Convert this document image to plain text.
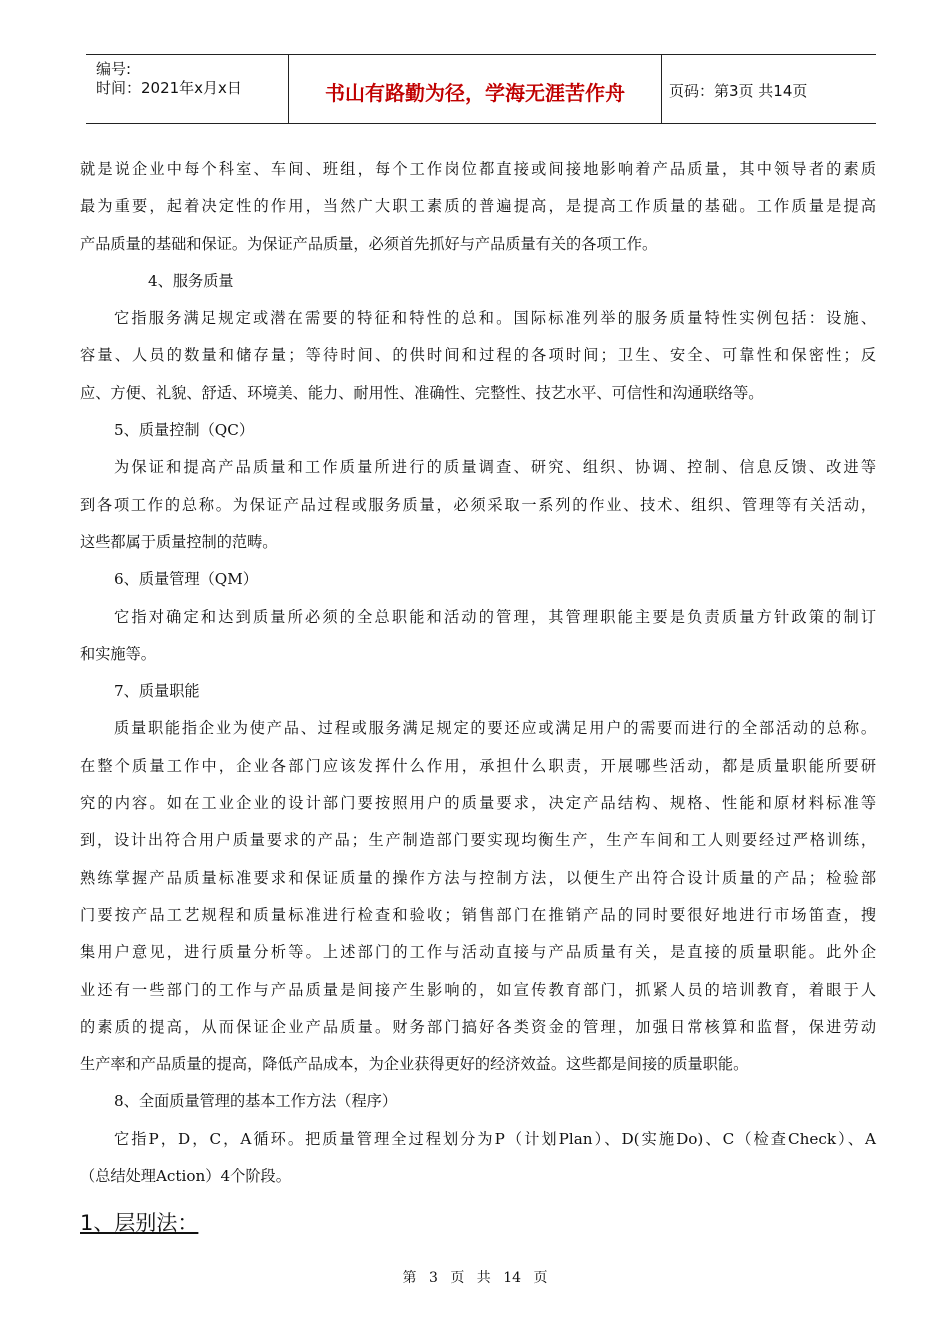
编号:
时间：2021年x月x日	书山有路勤为径，学海无涯苦作舟	页码：第3页 共14页
就是说企业中每个科室、车间、班组，每个工作岗位都直接或间接地影响着产品质量，其中领导者的素质
最为重要，起着决定性的作用，当然广大职工素质的普遍提高，是提高工作质量的基础。工作质量是提高
产品质量的基础和保证。为保证产品质量，必须首先抓好与产品质量有关的各项工作。
4、服务质量
它指服务满足规定或潜在需要的特征和特性的总和。国际标准列举的服务质量特性实例包括：设施、
容量、人员的数量和储存量；等待时间、的供时间和过程的各项时间；卫生、安全、可靠性和保密性；反
应、方便、礼貌、舒适、环境美、能力、耐用性、准确性、完整性、技艺水平、可信性和沟通联络等。
5、质量控制（QC）
为保证和提高产品质量和工作质量所进行的质量调查、研究、组织、协调、控制、信息反馈、改进等
到各项工作的总称。为保证产品过程或服务质量，必须采取一系列的作业、技术、组织、管理等有关活动，
这些都属于质量控制的范畴。
6、质量管理（QM）
它指对确定和达到质量所必须的全总职能和活动的管理，其管理职能主要是负责质量方针政策的制订
和实施等。
7、质量职能
质量职能指企业为使产品、过程或服务满足规定的要还应或满足用户的需要而进行的全部活动的总称。
在整个质量工作中，企业各部门应该发挥什么作用，承担什么职责，开展哪些活动，都是质量职能所要研
究的内容。如在工业企业的设计部门要按照用户的质量要求，决定产品结构、规格、性能和原材料标准等
到，设计出符合用户质量要求的产品；生产制造部门要实现均衡生产，生产车间和工人则要经过严格训练，
熟练掌握产品质量标准要求和保证质量的操作方法与控制方法，以便生产出符合设计质量的产品；检验部
门要按产品工艺规程和质量标准进行检查和验收；销售部门在推销产品的同时要很好地进行市场笛查，搜
集用户意见，进行质量分析等。上述部门的工作与活动直接与产品质量有关，是直接的质量职能。此外企
业还有一些部门的工作与产品质量是间接产生影响的，如宣传教育部门，抓紧人员的培训教育，着眼于人
的素质的提高，从而保证企业产品质量。财务部门搞好各类资金的管理，加强日常核算和监督，保进劳动
生产率和产品质量的提高，降低产品成本，为企业获得更好的经济效益。这些都是间接的质量职能。
8、全面质量管理的基本工作方法（程序）
它指P，D，C，A循环。把质量管理全过程划分为P（计划Plan）、D(实施Do)、C（检查Check）、A
（总结处理Action）4个阶段。
1、层别法：
第 3 页 共 14 页
